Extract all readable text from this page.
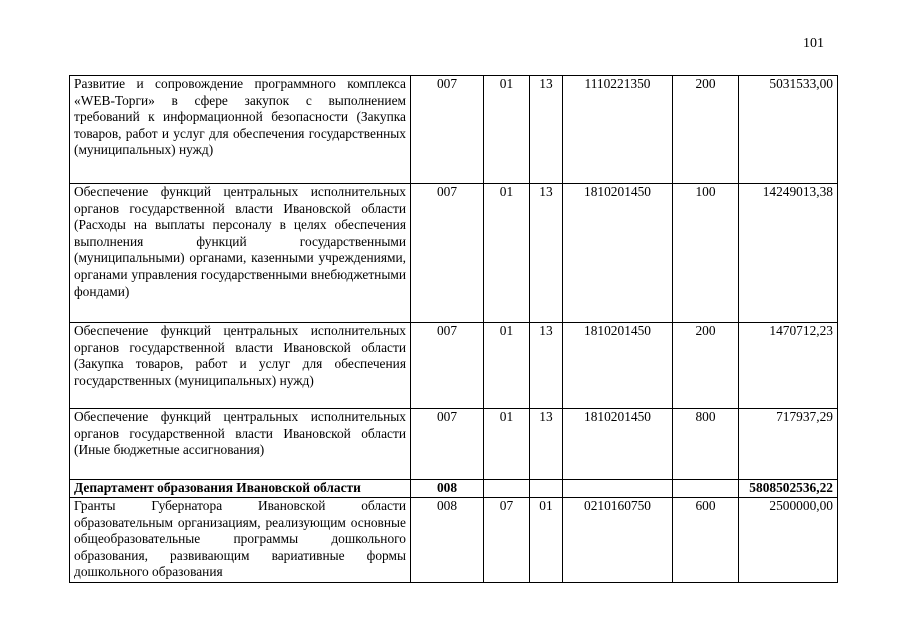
101
Развитие и сопровождение программного комплекса «WEB-Торги» в сфере закупок с выполнением требований к информационной безопасности (Закупка товаров, работ и услуг для обеспечения государственных (муниципальных) нужд)	007	01	13	1110221350	200	5031533,00

Обеспечение функций центральных исполнительных органов государственной власти Ивановской области (Расходы на выплаты персоналу в целях обеспечения выполнения функций государственными (муниципальными) органами, казенными учреждениями, органами управления государственными внебюджетными фондами)	007	01	13	1810201450	100	14249013,38

Обеспечение функций центральных исполнительных органов государственной власти Ивановской области (Закупка товаров, работ и услуг для обеспечения государственных (муниципальных) нужд)	007	01	13	1810201450	200	1470712,23

Обеспечение функций центральных исполнительных органов государственной власти Ивановской области (Иные бюджетные ассигнования)	007	01	13	1810201450	800	717937,29
Департамент образования Ивановской области	008					5808502536,22

Гранты Губернатора Ивановской области образовательным организациям, реализующим основные общеобразовательные программы дошкольного образования, развивающим вариативные формы дошкольного образования	008	07	01	0210160750	600	2500000,00
